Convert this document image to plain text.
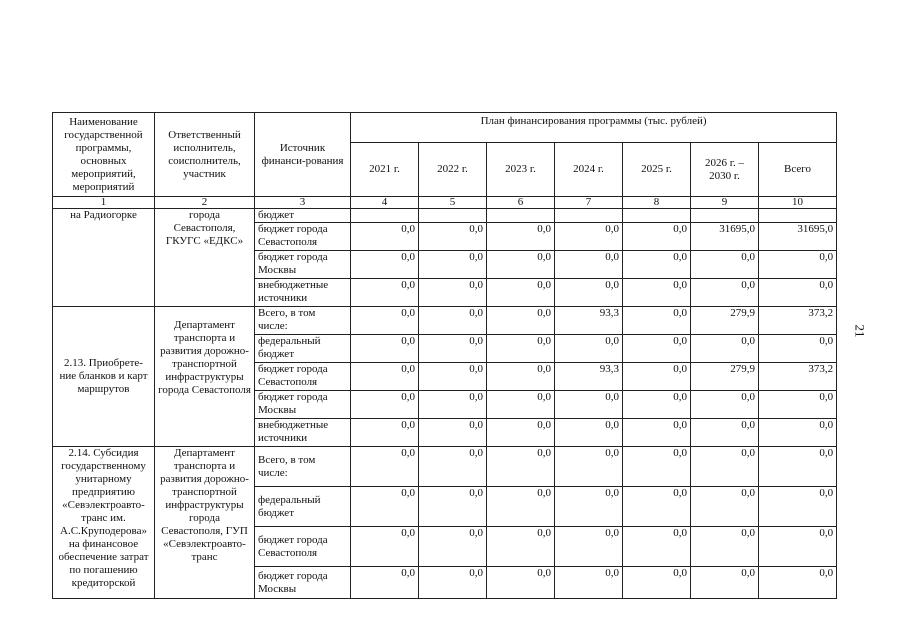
Наименование государственной программы, основных мероприятий, мероприятий	Ответственный исполнитель, соисполнитель, участник	Источник финанси-рования	План финансирования программы (тыс. рублей)						
			2021 г.	2022 г.	2023 г.	2024 г.	2025 г.	2026 г. – 2030 г.	Всего
1	2	3	4	5	6	7	8	9	10
на Радиогорке	города Севастополя, ГКУГС «ЕДКС»	бюджет							
		бюджет города Севастополя	0,0	0,0	0,0	0,0	0,0	31695,0	31695,0
		бюджет города Москвы	0,0	0,0	0,0	0,0	0,0	0,0	0,0
		внебюджетные источники	0,0	0,0	0,0	0,0	0,0	0,0	0,0
2.13. Приобрете-ние бланков и карт маршрутов	Департамент транспорта и развития дорожно-транспортной инфраструктуры города Севастополя	Всего, в том числе:	0,0	0,0	0,0	93,3	0,0	279,9	373,2
		федеральный бюджет	0,0	0,0	0,0	0,0	0,0	0,0	0,0
		бюджет города Севастополя	0,0	0,0	0,0	93,3	0,0	279,9	373,2
		бюджет города Москвы	0,0	0,0	0,0	0,0	0,0	0,0	0,0
		внебюджетные источники	0,0	0,0	0,0	0,0	0,0	0,0	0,0
2.14. Субсидия государственному унитарному предприятию «Севэлектроавто-транс им. А.С.Круподерова» на финансовое обеспечение затрат по погашению кредиторской	Департамент транспорта и развития дорожно-транспортной инфраструктуры города Севастополя, ГУП «Севэлектроавто-транс	Всего, в том числе:	0,0	0,0	0,0	0,0	0,0	0,0	0,0
		федеральный бюджет	0,0	0,0	0,0	0,0	0,0	0,0	0,0
		бюджет города Севастополя	0,0	0,0	0,0	0,0	0,0	0,0	0,0
		бюджет города Москвы	0,0	0,0	0,0	0,0	0,0	0,0	0,0
21
